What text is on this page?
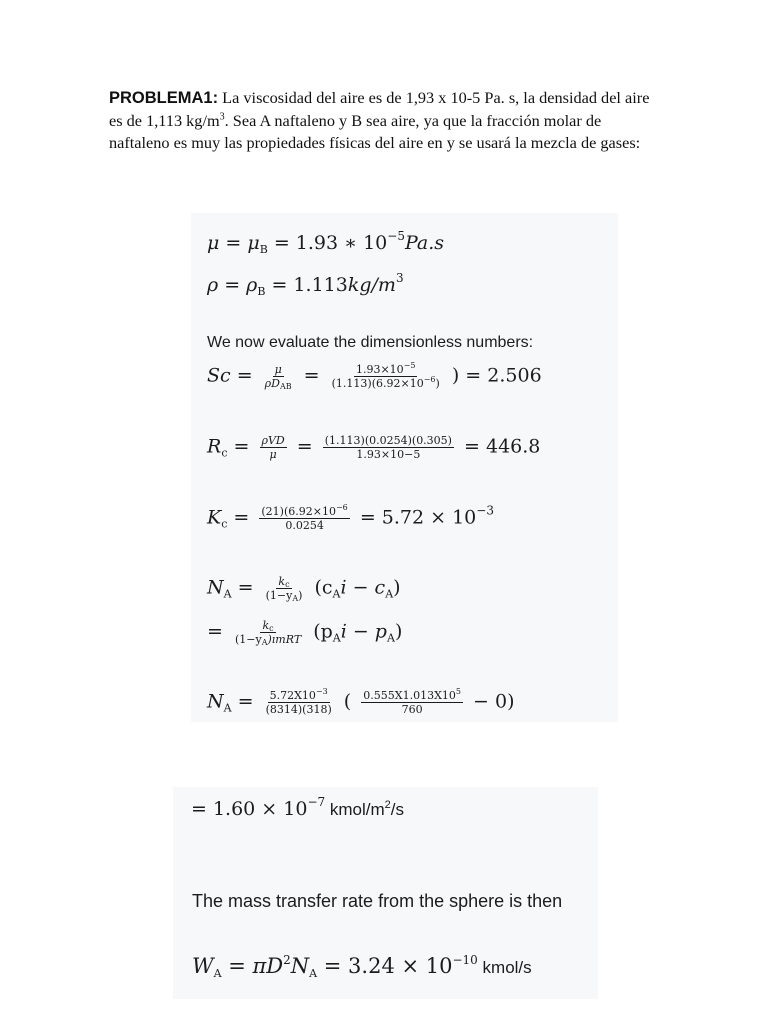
PROBLEMA1: La viscosidad del aire es de 1,93 x 10-5 Pa. s, la densidad del aire es de 1,113 $kg/m^3$. Sea A naftaleno y B sea aire, ya que la fracción molar de naftaleno es muy las propiedades físicas del aire en y se usará la mezcla de gases:
$\mu = \mu_B = 1.93$ ∗ $10^{-5}Pa.s$
$\rho = \rho_B = 1.113kg/m^3$
We now evaluate the dimensionless numbers:
$Sc = \frac{\mu}{\rho D_{AB}} = \frac{1.93\times 10^{-5}}{(1.113)(6.92\times 10^{-6})}$ ) = 2.506
$R_c = \frac{\text{ρVD}}{\mu} = \frac{(1.113)(0.0254)(0.305)}{1.93\times 10-5} = 446.8$
$K_c = \frac{(21)(6.92\times 10^{-6}}{0.0254} = 5.72 \times 10^{-3}$
$N_A = \frac{k_c}{(1-y_A)} (c_Ai - c_A)$
= $\frac{k_c}{(1-y_A)ımRT} (p_Ai - p_A)$
$N_A = \frac{5.72X10^{-3}}{(8314)(318)}$ ( $\frac{0.555X1.013X10^5}{760} - 0$)
= $1.60 \times 10^{-7}$ kmol/$m^2/s$
The mass transfer rate from the sphere is then
$W_A = \pi D^2N_A = 3.24 \times 10^{-10}$ kmol/s
